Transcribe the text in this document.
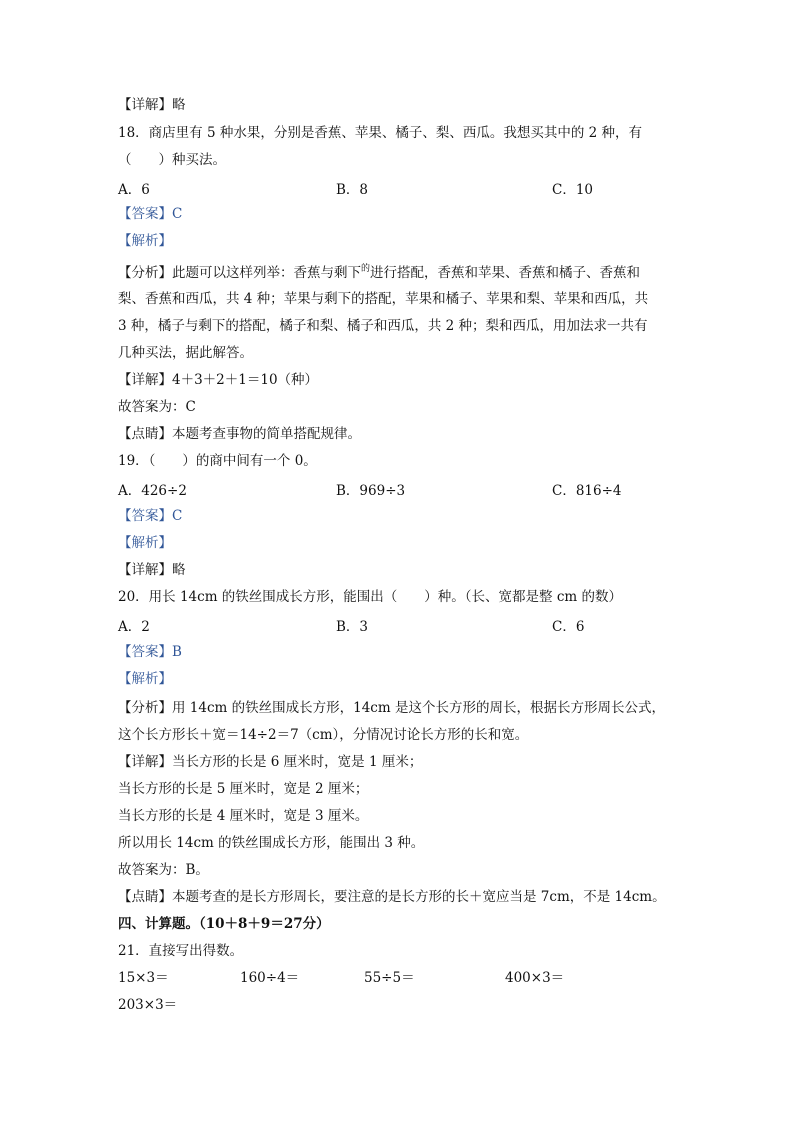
【详解】略
18．商店里有 5 种水果，分别是香蕉、苹果、橘子、梨、西瓜。我想买其中的 2 种，有
（　　）种买法。
A．6	B．8	C．10
【答案】C
【解析】
【分析】此题可以这样列举：香蕉与剩下$^的$进行搭配，香蕉和苹果、香蕉和橘子、香蕉和
梨、香蕉和西瓜，共 4 种；苹果与剩下的搭配，苹果和橘子、苹果和梨、苹果和西瓜，共
3 种，橘子与剩下的搭配，橘子和梨、橘子和西瓜，共 2 种；梨和西瓜，用加法求一共有
几种买法，据此解答。
【详解】4＋3＋2＋1＝10（种）
故答案为：C
【点睛】本题考查事物的简单搭配规律。
19．（　　）的商中间有一个 0。
A．426÷2	B．969÷3	C．816÷4
【答案】C
【解析】
【详解】略
20．用长 14cm 的铁丝围成长方形，能围出（　　）种。（长、宽都是整 cm 的数）
A．2	B．3	C．6
【答案】B
【解析】
【分析】用 14cm 的铁丝围成长方形，14cm 是这个长方形的周长，根据长方形周长公式，
这个长方形长＋宽＝14÷2＝7（cm），分情况讨论长方形的长和宽。
【详解】当长方形的长是 6 厘米时，宽是 1 厘米；
当长方形的长是 5 厘米时，宽是 2 厘米；
当长方形的长是 4 厘米时，宽是 3 厘米。
所以用长 14cm 的铁丝围成长方形，能围出 3 种。
故答案为：B。
【点睛】本题考查的是长方形周长，要注意的是长方形的长＋宽应当是 7cm，不是 14cm。
四、计算题。（10＋8＋9＝27分）
21．直接写出得数。
15×3＝	160÷4＝	55÷5＝	400×3＝
203×3＝
